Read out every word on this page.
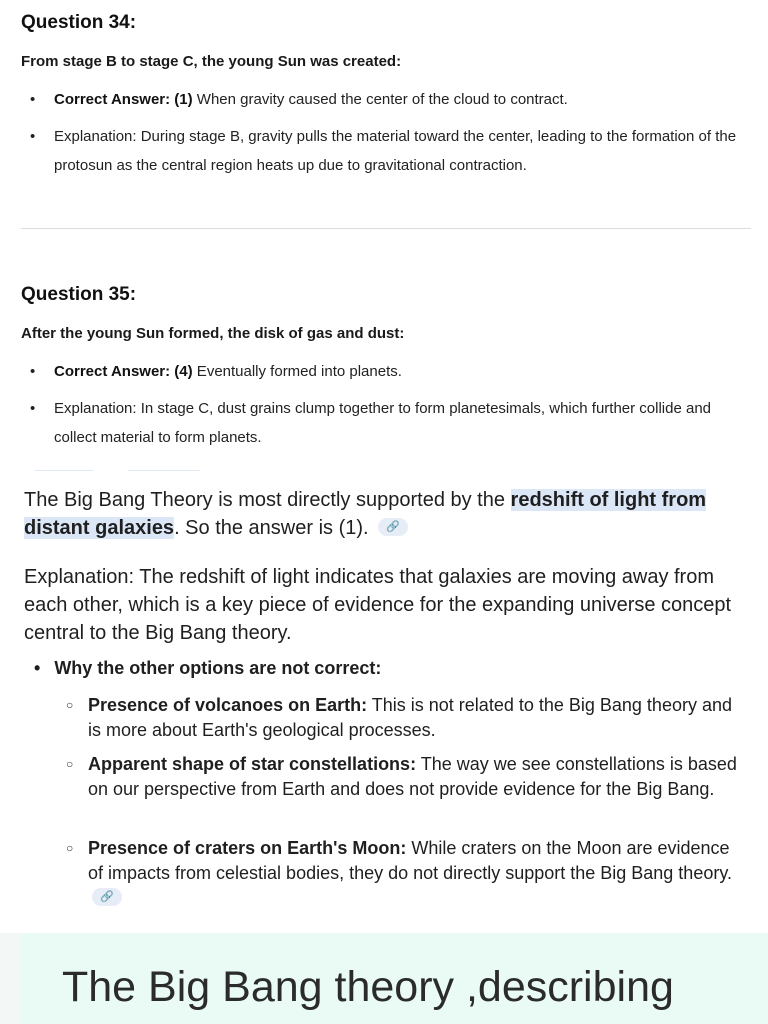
Question 34:
From stage B to stage C, the young Sun was created:
• Correct Answer: (1) When gravity caused the center of the cloud to contract.
• Explanation: During stage B, gravity pulls the material toward the center, leading to the formation of the protosun as the central region heats up due to gravitational contraction.
Question 35:
After the young Sun formed, the disk of gas and dust:
• Correct Answer: (4) Eventually formed into planets.
• Explanation: In stage C, dust grains clump together to form planetesimals, which further collide and collect material to form planets.
The Big Bang Theory is most directly supported by the redshift of light from distant galaxies. So the answer is (1). 🔗
Explanation: The redshift of light indicates that galaxies are moving away from each other, which is a key piece of evidence for the expanding universe concept central to the Big Bang theory.
• Why the other options are not correct:
○ Presence of volcanoes on Earth: This is not related to the Big Bang theory and is more about Earth's geological processes.
○ Apparent shape of star constellations: The way we see constellations is based on our perspective from Earth and does not provide evidence for the Big Bang.
○ Presence of craters on Earth's Moon: While craters on the Moon are evidence of impacts from celestial bodies, they do not directly support the Big Bang theory.🔗
The Big Bang theory ,describing
